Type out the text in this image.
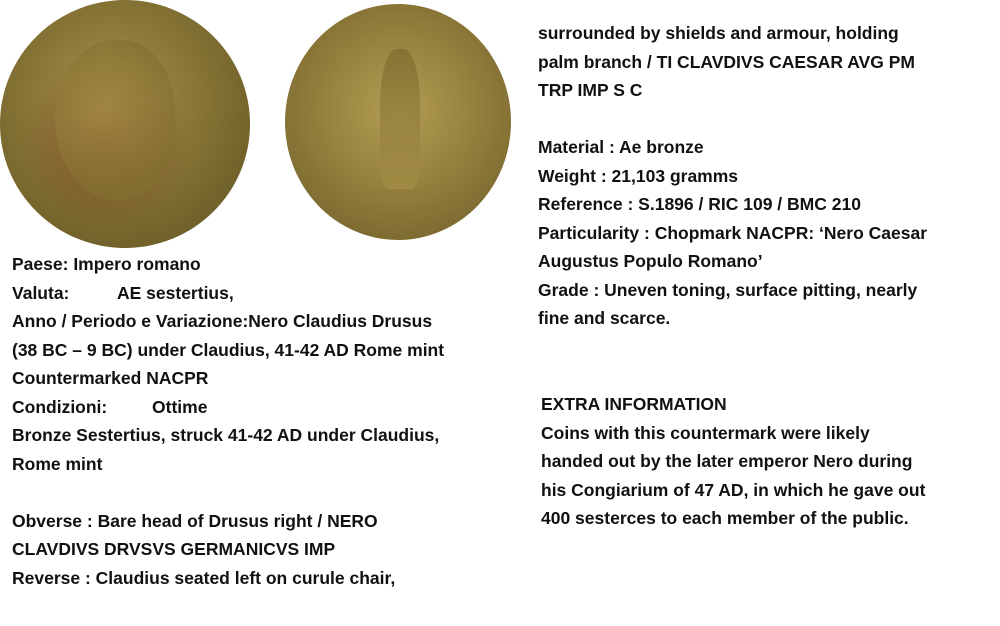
Paese: Impero romano
Valuta:	AE sestertius,
Anno / Periodo e Variazione:Nero Claudius Drusus
(38 BC – 9 BC) under Claudius, 41-42 AD Rome mint
Countermarked NACPR
Condizioni:	Ottime
Bronze Sestertius, struck 41-42 AD under Claudius,
Rome mint
Obverse : Bare head of Drusus right / NERO
CLAVDIVS DRVSVS GERMANICVS IMP
Reverse : Claudius seated left on curule chair,
surrounded by shields and armour, holding
palm branch / TI CLAVDIVS CAESAR AVG PM
TRP IMP S C
Material : Ae bronze
Weight : 21,103 gramms
Reference : S.1896 / RIC 109 / BMC 210
Particularity : Chopmark NACPR: ‘Nero Caesar
Augustus Populo Romano’
Grade : Uneven toning, surface pitting, nearly
fine and scarce.
EXTRA INFORMATION
Coins with this countermark were likely
handed out by the later emperor Nero during
his Congiarium of 47 AD, in which he gave out
400 sesterces to each member of the public.
